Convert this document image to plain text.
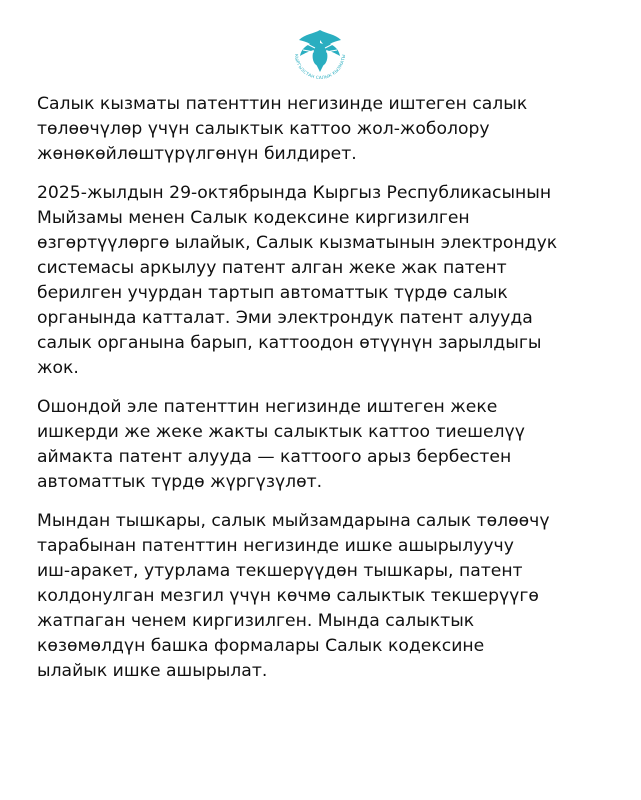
КЫРГЫЗСТАН САЛЫК КЫЗМАТЫ

Салык кызматы патенттин негизинде иштеген салык
төлөөчүлөр үчүн салыктык каттоо жол-жоболору
жөнөкөйлөштүрүлгөнүн билдирет.

2025-жылдын 29-октябрында Кыргыз Республикасынын
Мыйзамы менен Салык кодексине киргизилген
өзгөртүүлөргө ылайык, Салык кызматынын электрондук
системасы аркылуу патент алган жеке жак патент
берилген учурдан тартып автоматтык түрдө салык
органында катталат. Эми электрондук патент алууда
салык органына барып, каттоодон өтүүнүн зарылдыгы
жок.

Ошондой эле патенттин негизинде иштеген жеке
ишкерди же жеке жакты салыктык каттоо тиешелүү
аймакта патент алууда — каттоого арыз бербестен
автоматтык түрдө жүргүзүлөт.

Мындан тышкары, салык мыйзамдарына салык төлөөчү
тарабынан патенттин негизинде ишке ашырылуучу
иш-аракет, утурлама текшерүүдөн тышкары, патент
колдонулган мезгил үчүн көчмө салыктык текшерүүгө
жатпаган ченем киргизилген. Мында салыктык
көзөмөлдүн башка формалары Салык кодексине
ылайык ишке ашырылат.
